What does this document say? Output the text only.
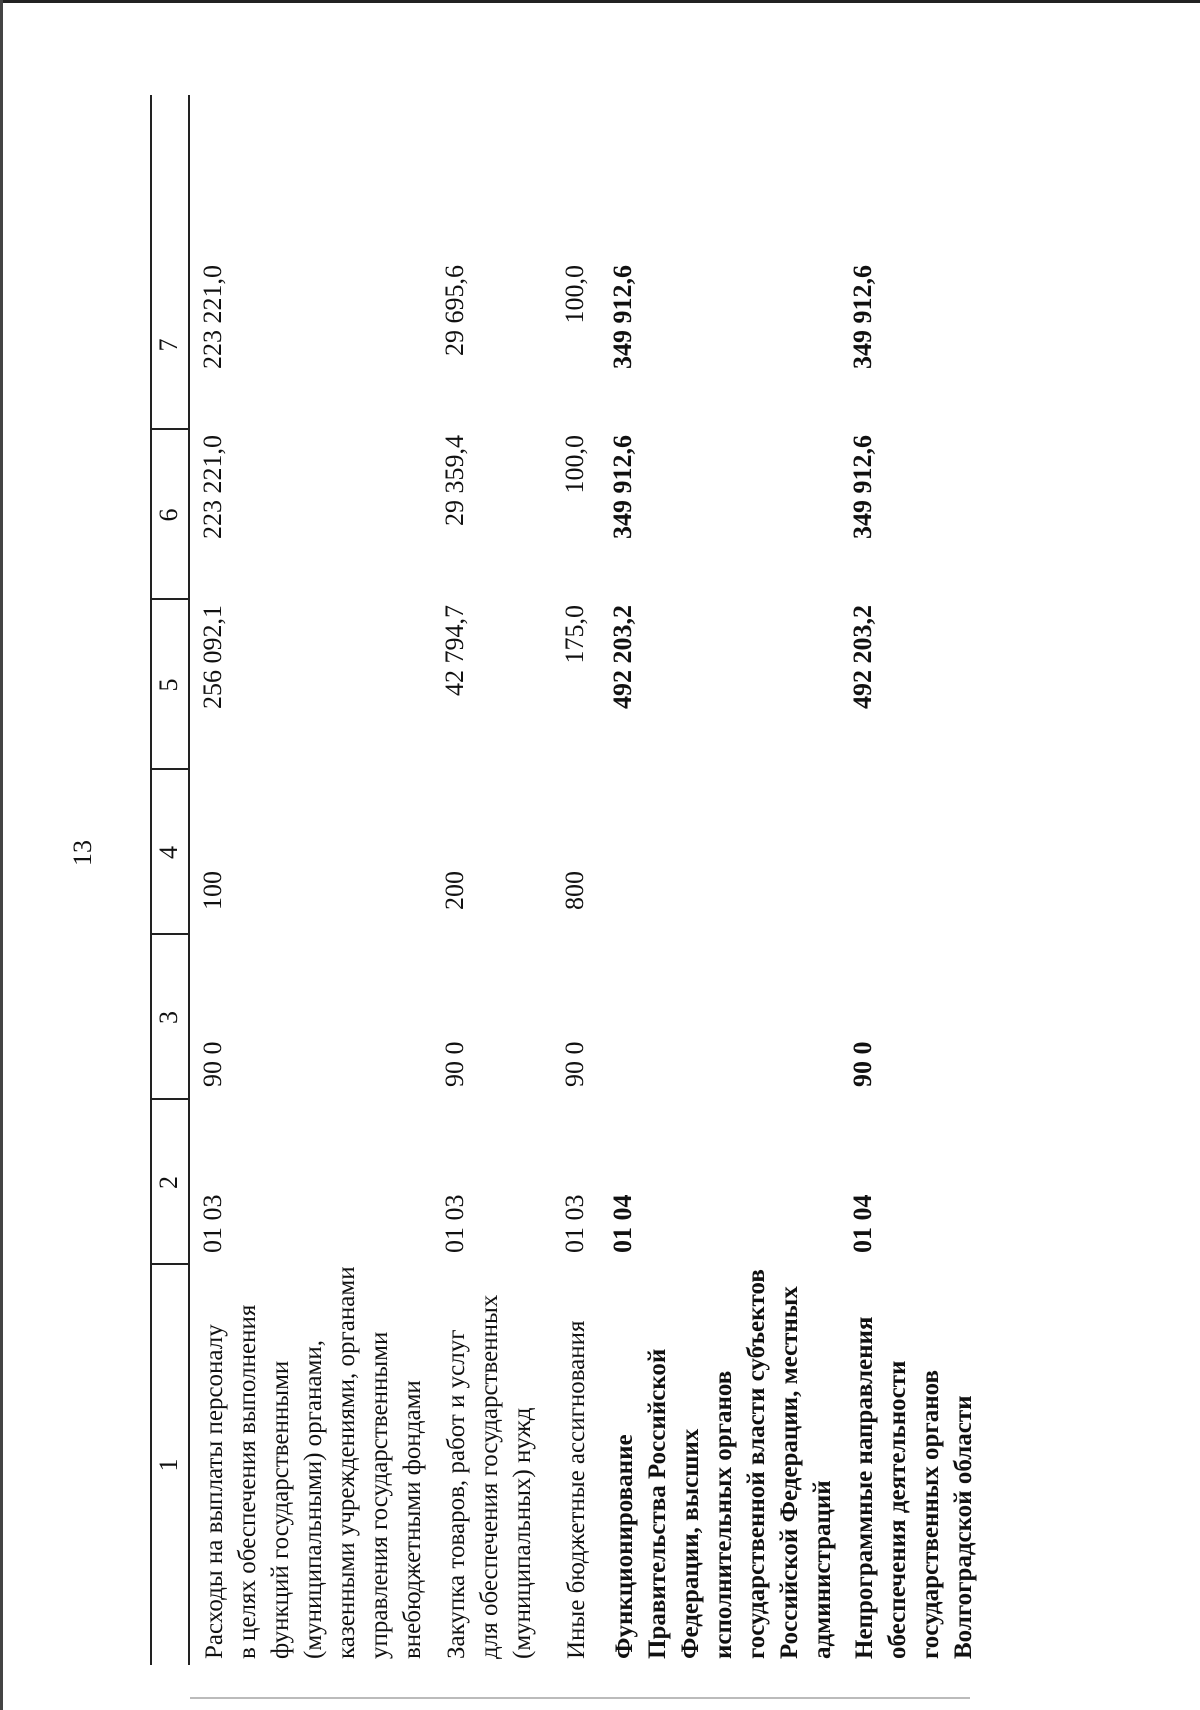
13
1
2
3
4
5
6
7
Расходы на выплаты персоналу в целях обеспечения выполнения функций государственными (муниципальными) органами, казенными учреждениями, органами управления государственными внебюджетными фондами
01 03
90 0
100
256 092,1
223 221,0
223 221,0
Закупка товаров, работ и услуг для обеспечения государственных (муниципальных) нужд
01 03
90 0
200
42 794,7
29 359,4
29 695,6
Иные бюджетные ассигнования
01 03
90 0
800
175,0
100,0
100,0
Функционирование Правительства Российской Федерации, высших исполнительных органов государственной власти субъектов Российской Федерации, местных администраций
01 04
492 203,2
349 912,6
349 912,6
Непрограммные направления обеспечения деятельности государственных органов Волгоградской области
01 04
90 0
492 203,2
349 912,6
349 912,6
